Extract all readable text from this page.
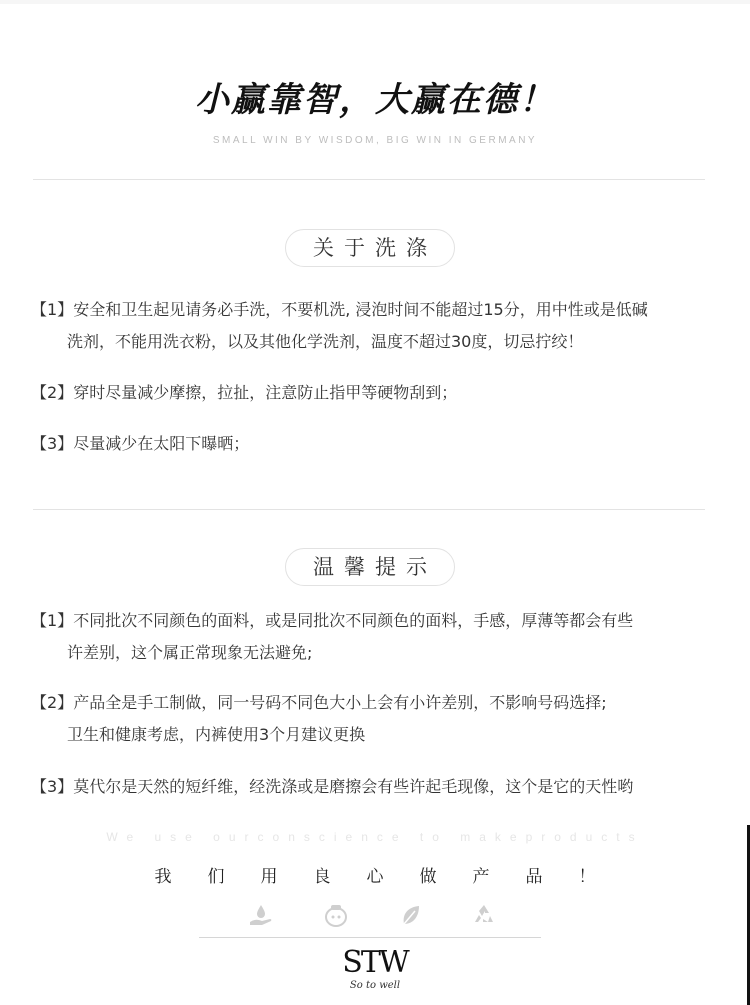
小赢靠智，大赢在德！
SMALL WIN BY WISDOM, BIG WIN IN GERMANY
关于洗涤
【1】安全和卫生起见请务必手洗，不要机洗, 浸泡时间不能超过15分，用中性或是低碱
洗剂，不能用洗衣粉，以及其他化学洗剂，温度不超过30度，切忌拧绞！
【2】穿时尽量减少摩擦，拉扯，注意防止指甲等硬物刮到；
【3】尽量减少在太阳下曝晒；
温馨提示
【1】不同批次不同颜色的面料，或是同批次不同颜色的面料，手感，厚薄等都会有些
许差别，这个属正常现象无法避免;
【2】产品全是手工制做，同一号码不同色大小上会有小许差别，不影响号码选择;
卫生和健康考虑，内裤使用3个月建议更换
【3】莫代尔是天然的短纤维，经洗涤或是磨擦会有些许起毛现像，这个是它的天性哟
We use ourconscience to makeproducts
我们用良心做产品！
STW
So to well
